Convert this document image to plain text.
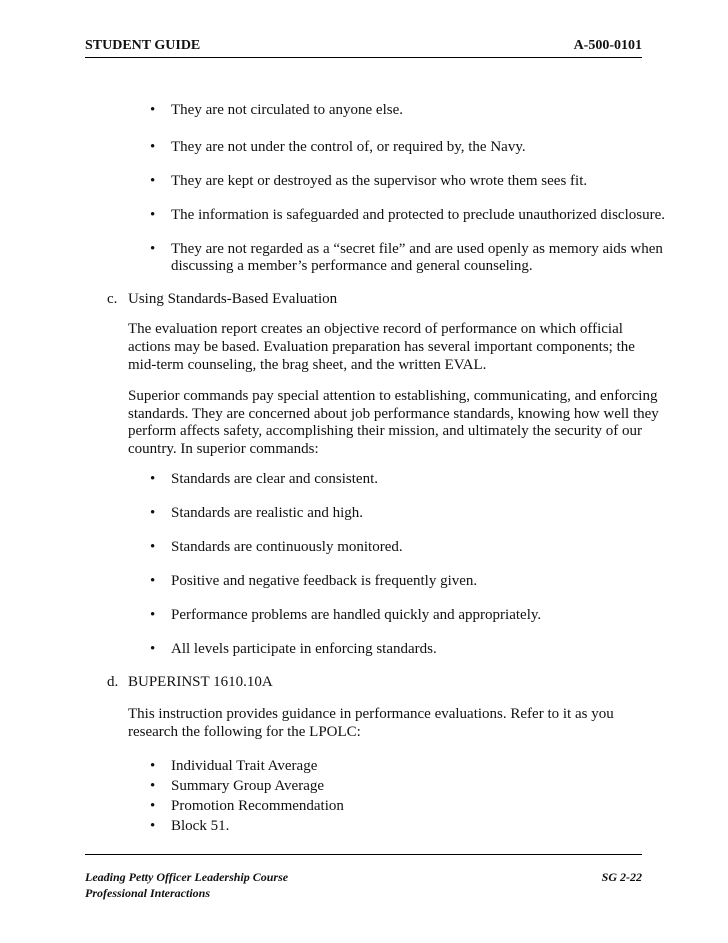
STUDENT GUIDE	A-500-0101
• They are not circulated to anyone else.
• They are not under the control of, or required by, the Navy.
• They are kept or destroyed as the supervisor who wrote them sees fit.
• The information is safeguarded and protected to preclude unauthorized disclosure.
• They are not regarded as a “secret file” and are used openly as memory aids when
discussing a member’s performance and general counseling.
c. Using Standards-Based Evaluation
The evaluation report creates an objective record of performance on which official
actions may be based. Evaluation preparation has several important components; the
mid-term counseling, the brag sheet, and the written EVAL.
Superior commands pay special attention to establishing, communicating, and enforcing
standards. They are concerned about job performance standards, knowing how well they
perform affects safety, accomplishing their mission, and ultimately the security of our
country. In superior commands:
• Standards are clear and consistent.
• Standards are realistic and high.
• Standards are continuously monitored.
• Positive and negative feedback is frequently given.
• Performance problems are handled quickly and appropriately.
• All levels participate in enforcing standards.
d. BUPERINST 1610.10A
This instruction provides guidance in performance evaluations. Refer to it as you
research the following for the LPOLC:
• Individual Trait Average
• Summary Group Average
• Promotion Recommendation
• Block 51.
Leading Petty Officer Leadership Course	SG 2-22
Professional Interactions
